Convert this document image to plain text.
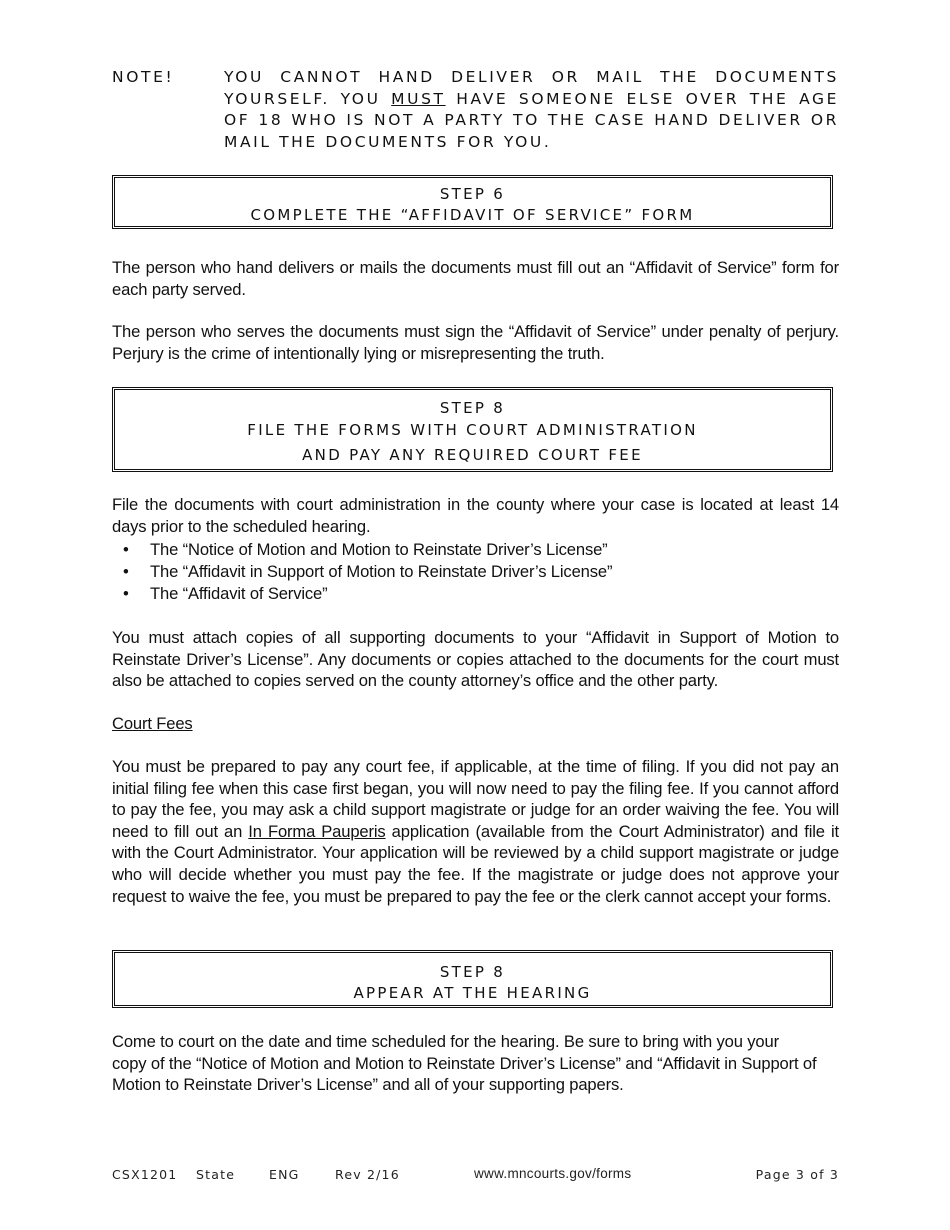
NOTE!	YOU CANNOT HAND DELIVER OR MAIL THE DOCUMENTS YOURSELF. YOU MUST HAVE SOMEONE ELSE OVER THE AGE OF 18 WHO IS NOT A PARTY TO THE CASE HAND DELIVER OR MAIL THE DOCUMENTS FOR YOU.
STEP 6
COMPLETE THE “AFFIDAVIT OF SERVICE” FORM
The person who hand delivers or mails the documents must fill out an “Affidavit of Service” form for each party served.
The person who serves the documents must sign the “Affidavit of Service” under penalty of perjury. Perjury is the crime of intentionally lying or misrepresenting the truth.
STEP 8
FILE THE FORMS WITH COURT ADMINISTRATION
AND PAY ANY REQUIRED COURT FEE
File the documents with court administration in the county where your case is located at least 14 days prior to the scheduled hearing.
• The “Notice of Motion and Motion to Reinstate Driver’s License”
• The “Affidavit in Support of Motion to Reinstate Driver’s License”
• The “Affidavit of Service”
You must attach copies of all supporting documents to your “Affidavit in Support of Motion to Reinstate Driver’s License”. Any documents or copies attached to the documents for the court must also be attached to copies served on the county attorney’s office and the other party.
Court Fees
You must be prepared to pay any court fee, if applicable, at the time of filing. If you did not pay an initial filing fee when this case first began, you will now need to pay the filing fee. If you cannot afford to pay the fee, you may ask a child support magistrate or judge for an order waiving the fee. You will need to fill out an In Forma Pauperis application (available from the Court Administrator) and file it with the Court Administrator. Your application will be reviewed by a child support magistrate or judge who will decide whether you must pay the fee. If the magistrate or judge does not approve your request to waive the fee, you must be prepared to pay the fee or the clerk cannot accept your forms.
STEP 8
APPEAR AT THE HEARING
Come to court on the date and time scheduled for the hearing. Be sure to bring with you your copy of the “Notice of Motion and Motion to Reinstate Driver’s License” and “Affidavit in Support of Motion to Reinstate Driver’s License” and all of your supporting papers.
CSX1201 State	ENG	Rev 2/16	www.mncourts.gov/forms	Page 3 of 3
